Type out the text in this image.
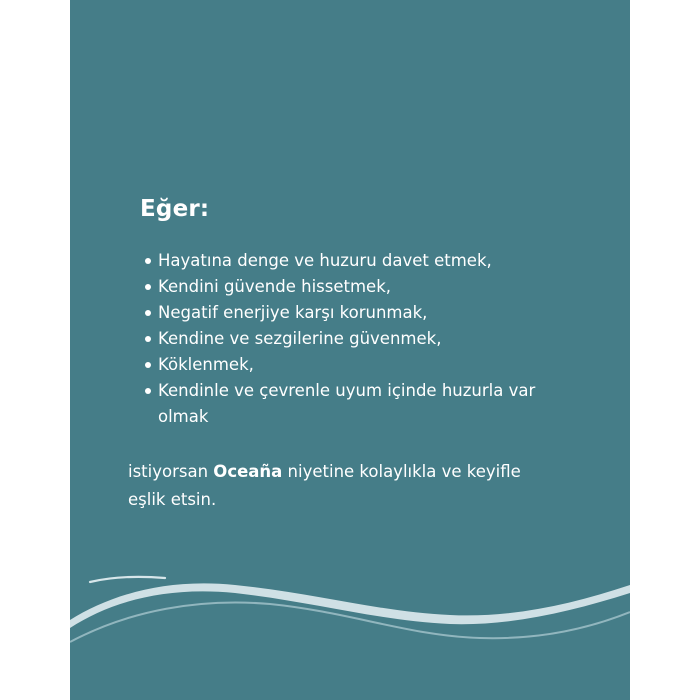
Eğer:
Hayatına denge ve huzuru davet etmek,
Kendini güvende hissetmek,
Negatif enerjiye karşı korunmak,
Kendine ve sezgilerine güvenmek,
Köklenmek,
Kendinle ve çevrenle uyum içinde huzurla var olmak

istiyorsan Oceaña niyetine kolaylıkla ve keyifle eşlik etsin.
